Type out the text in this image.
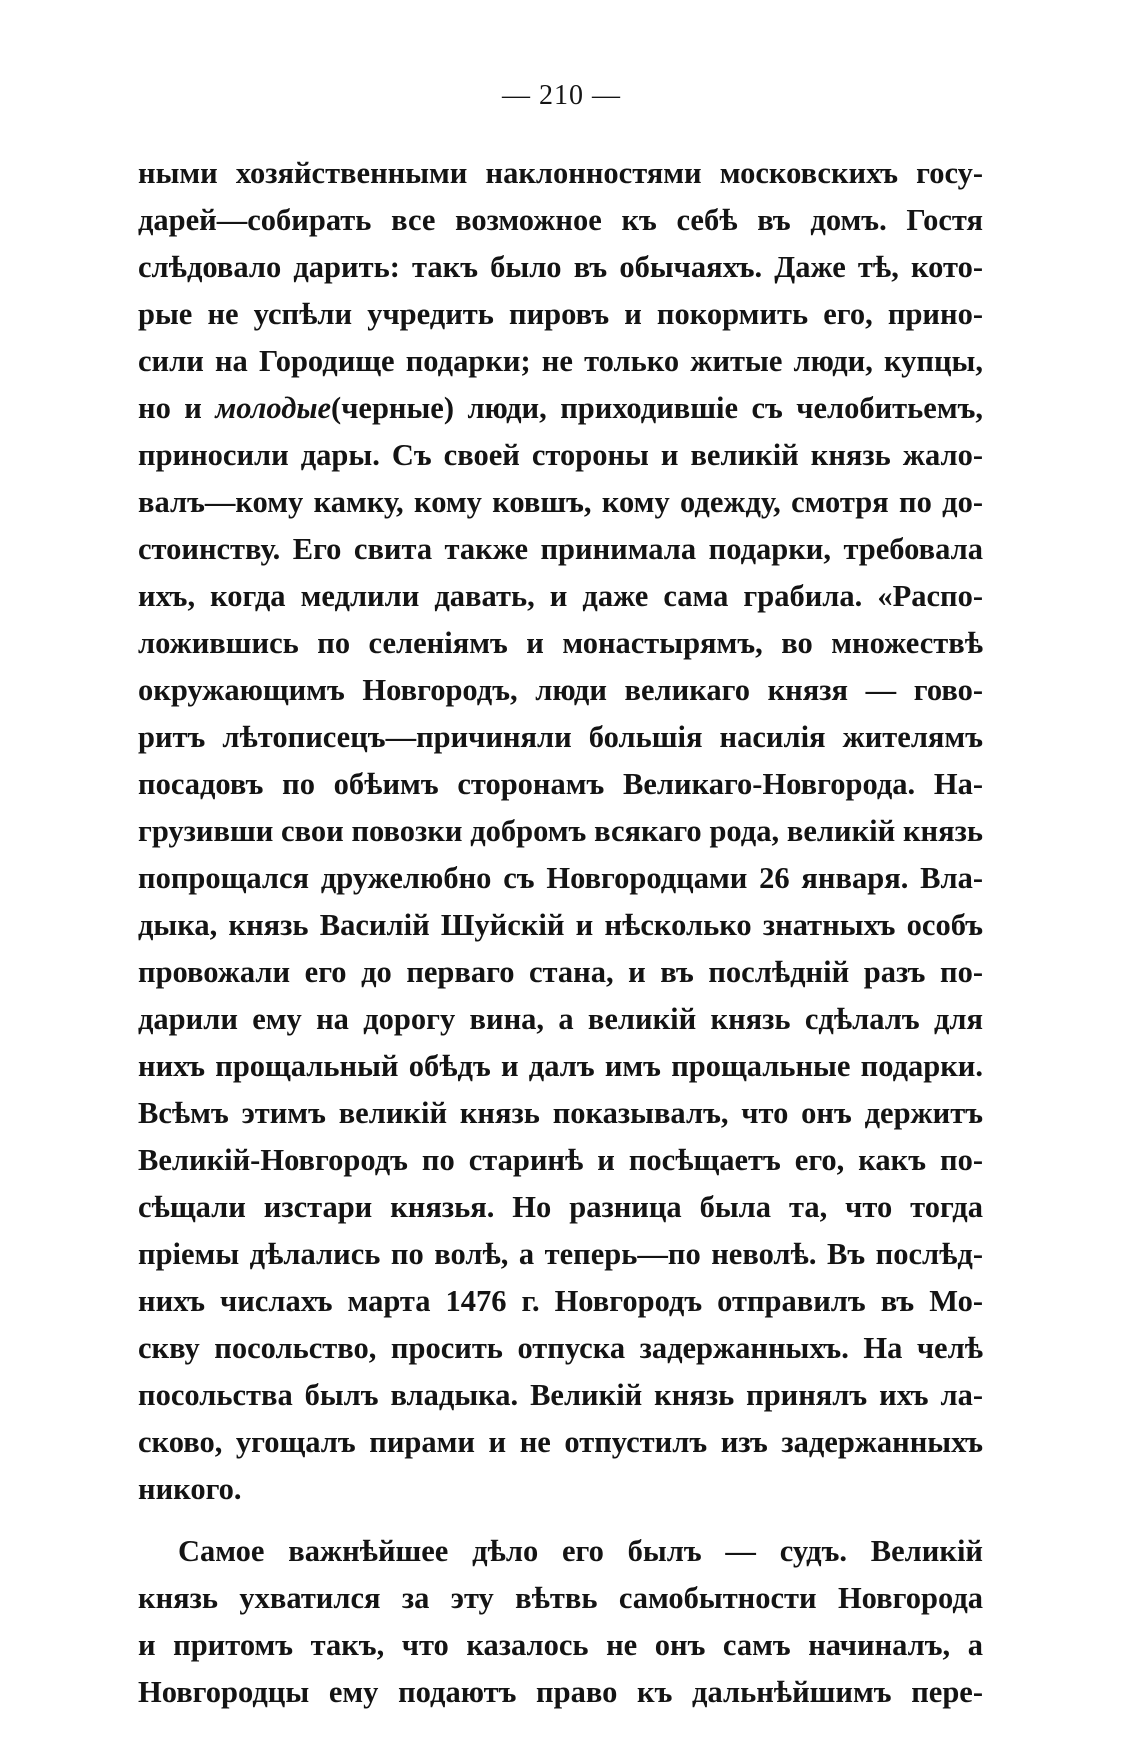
— 210 —
ными хозяйственными наклонностями московскихъ госу-
дарей—собирать все возможное къ себѣ въ домъ. Гостя
слѣдовало дарить: такъ было въ обычаяхъ. Даже тѣ, кото-
рые не успѣли учредить пировъ и покормить его, прино-
сили на Городище подарки; не только житые люди, купцы,
но и молодые(черные) люди, приходившіе съ челобитьемъ,
приносили дары. Съ своей стороны и великій князь жало-
валъ—кому камку, кому ковшъ, кому одежду, смотря по до-
стоинству. Его свита также принимала подарки, требовала
ихъ, когда медлили давать, и даже сама грабила. «Распо-
ложившись по селеніямъ и монастырямъ, во множествѣ
окружающимъ Новгородъ, люди великаго князя — гово-
ритъ лѣтописецъ—причиняли большія насилія жителямъ
посадовъ по обѣимъ сторонамъ Великаго-Новгорода. На-
грузивши свои повозки добромъ всякаго рода, великій князь
попрощался дружелюбно съ Новгородцами 26 января. Вла-
дыка, князь Василій Шуйскій и нѣсколько знатныхъ особъ
провожали его до перваго стана, и въ послѣдній разъ по-
дарили ему на дорогу вина, а великій князь сдѣлалъ для
нихъ прощальный обѣдъ и далъ имъ прощальные подарки.
Всѣмъ этимъ великій князь показывалъ, что онъ держитъ
Великій-Новгородъ по старинѣ и посѣщаетъ его, какъ по-
сѣщали изстари князья. Но разница была та, что тогда
пріемы дѣлались по волѣ, а теперь—по неволѣ. Въ послѣд-
нихъ числахъ марта 1476 г. Новгородъ отправилъ въ Мо-
скву посольство, просить отпуска задержанныхъ. На челѣ
посольства былъ владыка. Великій князь принялъ ихъ ла-
сково, угощалъ пирами и не отпустилъ изъ задержанныхъ
никого.
Самое важнѣйшее дѣло его былъ — судъ. Великій
князь ухватился за эту вѣтвь самобытности Новгорода
и притомъ такъ, что казалось не онъ самъ начиналъ, а
Новгородцы ему подаютъ право къ дальнѣйшимъ пере-
